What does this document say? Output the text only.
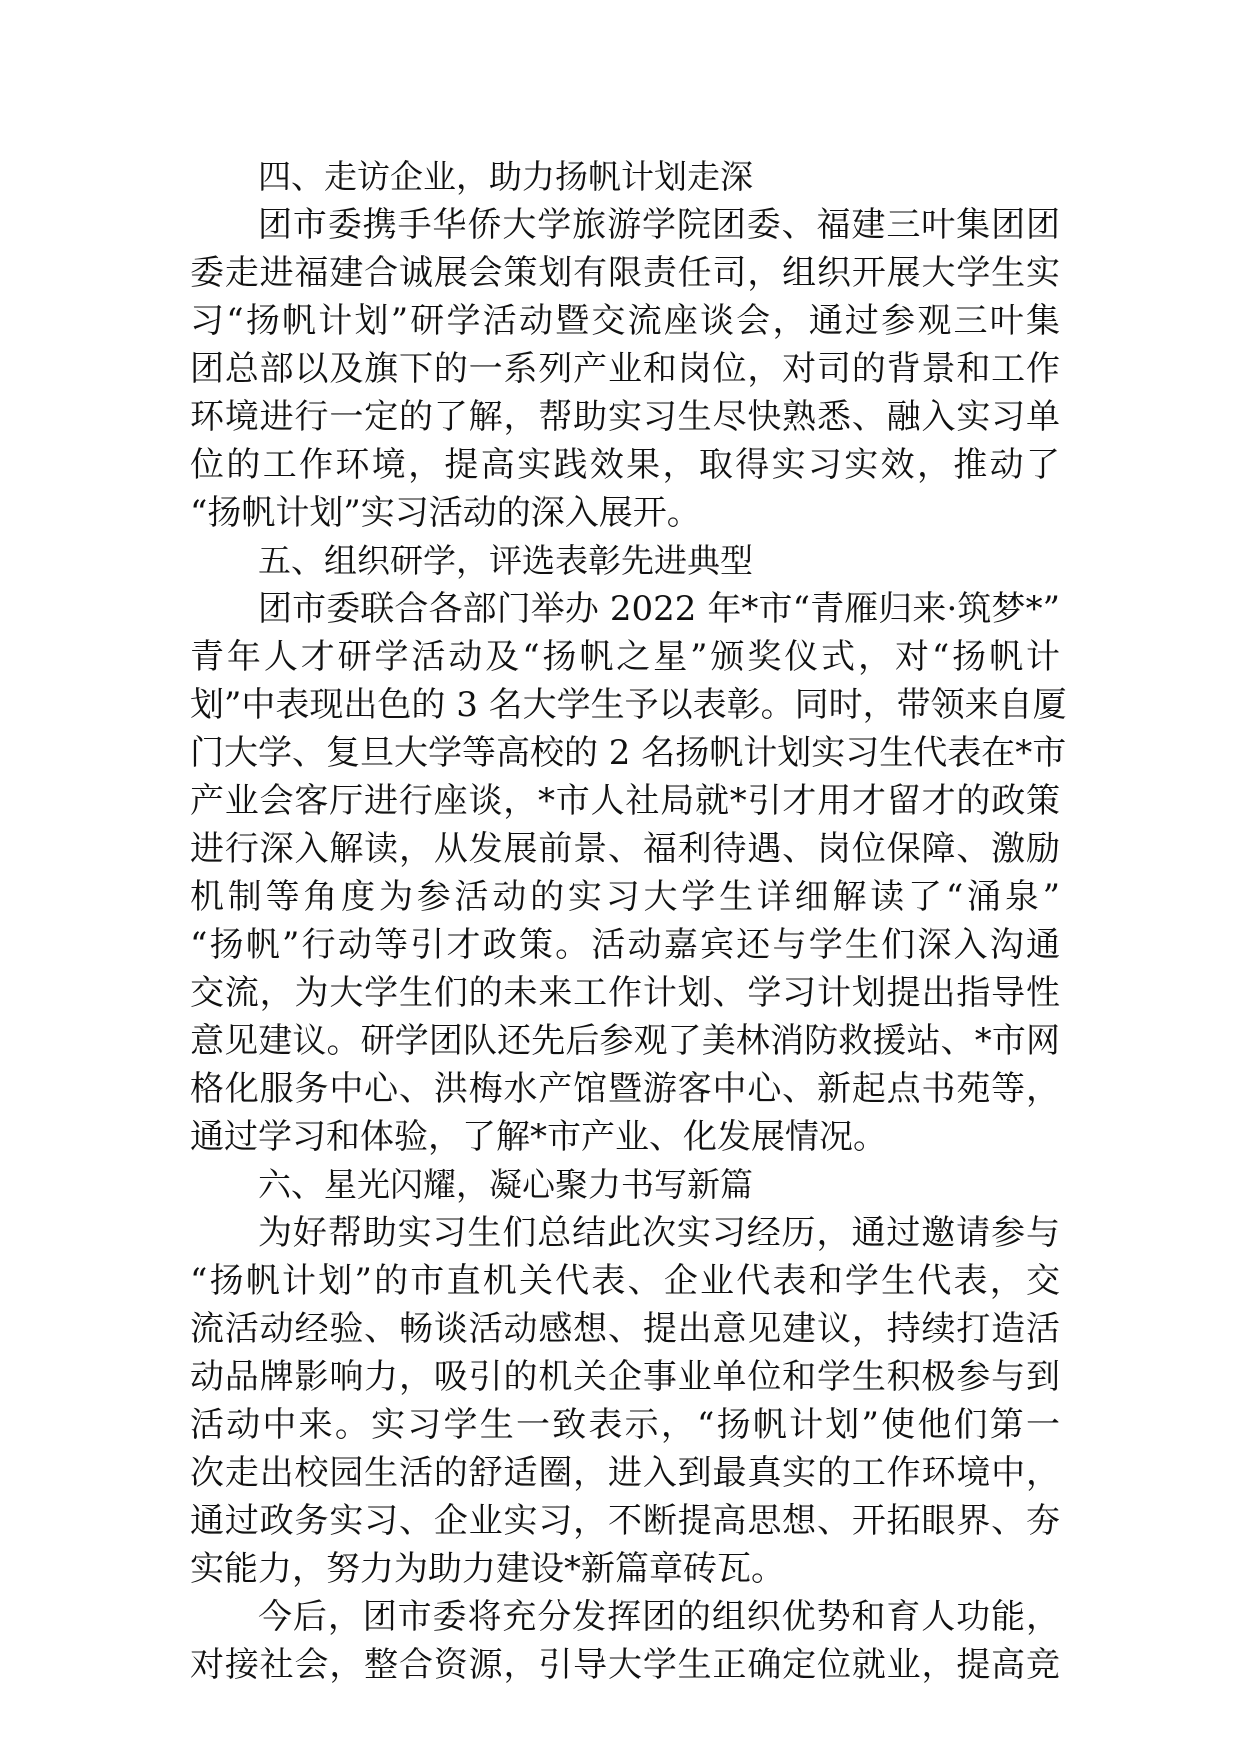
四、走访企业，助力扬帆计划走深
团市委携手华侨大学旅游学院团委、福建三叶集团团
委走进福建合诚展会策划有限责任司，组织开展大学生实
习“扬帆计划”研学活动暨交流座谈会，通过参观三叶集
团总部以及旗下的一系列产业和岗位，对司的背景和工作
环境进行一定的了解，帮助实习生尽快熟悉、融入实习单
位的工作环境，提高实践效果，取得实习实效，推动了
“扬帆计划”实习活动的深入展开。
五、组织研学，评选表彰先进典型
团市委联合各部门举办 2022 年*市“青雁归来·筑梦*”
青年人才研学活动及“扬帆之星”颁奖仪式，对“扬帆计
划”中表现出色的 3 名大学生予以表彰。同时，带领来自厦
门大学、复旦大学等高校的 2 名扬帆计划实习生代表在*市
产业会客厅进行座谈，*市人社局就*引才用才留才的政策
进行深入解读，从发展前景、福利待遇、岗位保障、激励
机制等角度为参活动的实习大学生详细解读了“涌泉”
“扬帆”行动等引才政策。活动嘉宾还与学生们深入沟通
交流，为大学生们的未来工作计划、学习计划提出指导性
意见建议。研学团队还先后参观了美林消防救援站、*市网
格化服务中心、洪梅水产馆暨游客中心、新起点书苑等，
通过学习和体验，了解*市产业、化发展情况。
六、星光闪耀，凝心聚力书写新篇
为好帮助实习生们总结此次实习经历，通过邀请参与
“扬帆计划”的市直机关代表、企业代表和学生代表，交
流活动经验、畅谈活动感想、提出意见建议，持续打造活
动品牌影响力，吸引的机关企事业单位和学生积极参与到
活动中来。实习学生一致表示，“扬帆计划”使他们第一
次走出校园生活的舒适圈，进入到最真实的工作环境中，
通过政务实习、企业实习，不断提高思想、开拓眼界、夯
实能力，努力为助力建设*新篇章砖瓦。
今后，团市委将充分发挥团的组织优势和育人功能，
对接社会，整合资源，引导大学生正确定位就业，提高竞
